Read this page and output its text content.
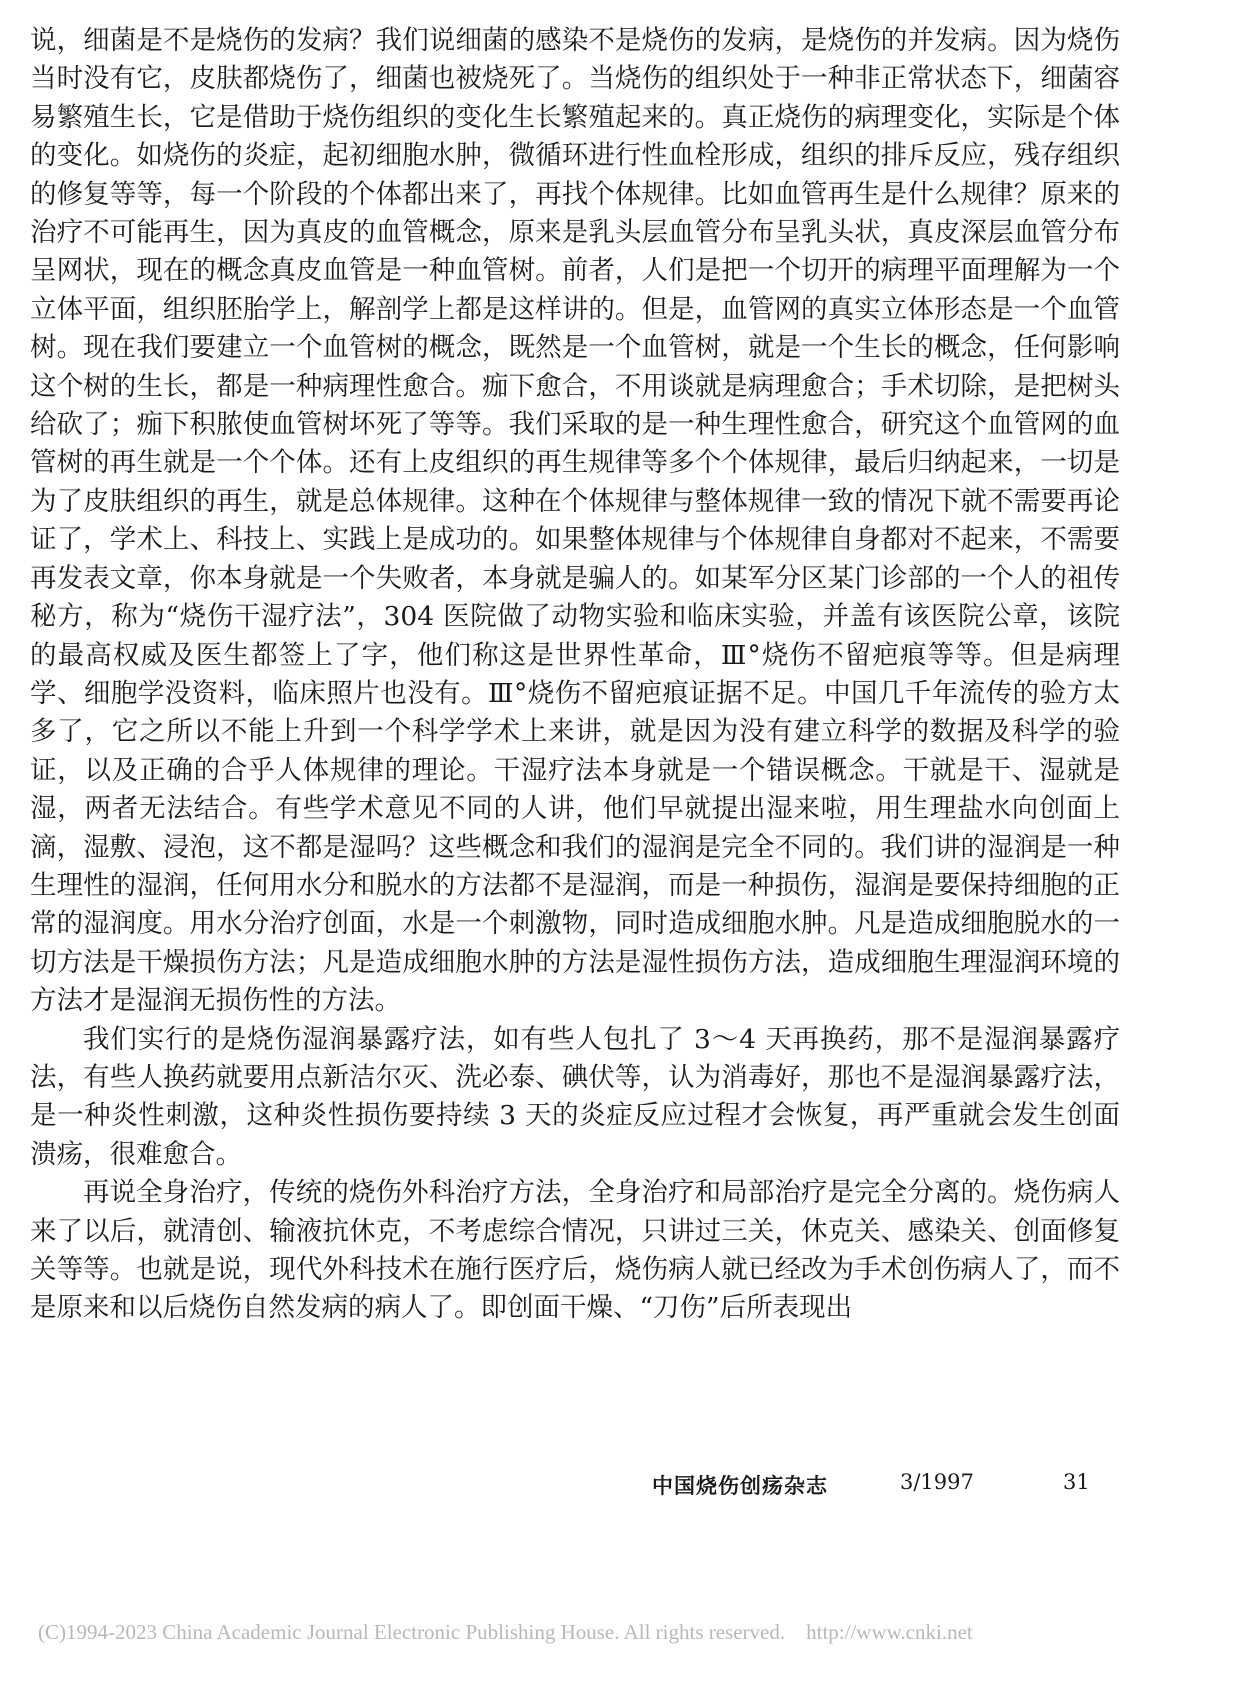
说，细菌是不是烧伤的发病？我们说细菌的感染不是烧伤的发病，是烧伤的并发病。因为烧伤当时没有它，皮肤都烧伤了，细菌也被烧死了。当烧伤的组织处于一种非正常状态下，细菌容易繁殖生长，它是借助于烧伤组织的变化生长繁殖起来的。真正烧伤的病理变化，实际是个体的变化。如烧伤的炎症，起初细胞水肿，微循环进行性血栓形成，组织的排斥反应，残存组织的修复等等，每一个阶段的个体都出来了，再找个体规律。比如血管再生是什么规律？原来的治疗不可能再生，因为真皮的血管概念，原来是乳头层血管分布呈乳头状，真皮深层血管分布呈网状，现在的概念真皮血管是一种血管树。前者，人们是把一个切开的病理平面理解为一个立体平面，组织胚胎学上，解剖学上都是这样讲的。但是，血管网的真实立体形态是一个血管树。现在我们要建立一个血管树的概念，既然是一个血管树，就是一个生长的概念，任何影响这个树的生长，都是一种病理性愈合。痂下愈合，不用谈就是病理愈合；手术切除，是把树头给砍了；痂下积脓使血管树坏死了等等。我们采取的是一种生理性愈合，研究这个血管网的血管树的再生就是一个个体。还有上皮组织的再生规律等多个个体规律，最后归纳起来，一切是为了皮肤组织的再生，就是总体规律。这种在个体规律与整体规律一致的情况下就不需要再论证了，学术上、科技上、实践上是成功的。如果整体规律与个体规律自身都对不起来，不需要再发表文章，你本身就是一个失败者，本身就是骗人的。如某军分区某门诊部的一个人的祖传秘方，称为“烧伤干湿疗法”，304 医院做了动物实验和临床实验，并盖有该医院公章，该院的最高权威及医生都签上了字，他们称这是世界性革命，Ⅲ°烧伤不留疤痕等等。但是病理学、细胞学没资料，临床照片也没有。Ⅲ°烧伤不留疤痕证据不足。中国几千年流传的验方太多了，它之所以不能上升到一个科学学术上来讲，就是因为没有建立科学的数据及科学的验证，以及正确的合乎人体规律的理论。干湿疗法本身就是一个错误概念。干就是干、湿就是湿，两者无法结合。有些学术意见不同的人讲，他们早就提出湿来啦，用生理盐水向创面上滴，湿敷、浸泡，这不都是湿吗？这些概念和我们的湿润是完全不同的。我们讲的湿润是一种生理性的湿润，任何用水分和脱水的方法都不是湿润，而是一种损伤，湿润是要保持细胞的正常的湿润度。用水分治疗创面，水是一个刺激物，同时造成细胞水肿。凡是造成细胞脱水的一切方法是干燥损伤方法；凡是造成细胞水肿的方法是湿性损伤方法，造成细胞生理湿润环境的方法才是湿润无损伤性的方法。

我们实行的是烧伤湿润暴露疗法，如有些人包扎了 3～4 天再换药，那不是湿润暴露疗法，有些人换药就要用点新洁尔灭、洗必泰、碘伏等，认为消毒好，那也不是湿润暴露疗法，是一种炎性刺激，这种炎性损伤要持续 3 天的炎症反应过程才会恢复，再严重就会发生创面溃疡，很难愈合。

再说全身治疗，传统的烧伤外科治疗方法，全身治疗和局部治疗是完全分离的。烧伤病人来了以后，就清创、输液抗休克，不考虑综合情况，只讲过三关，休克关、感染关、创面修复关等等。也就是说，现代外科技术在施行医疗后，烧伤病人就已经改为手术创伤病人了，而不是原来和以后烧伤自然发病的病人了。即创面干燥、“刀伤”后所表现出

中国烧伤创疡杂志	3/1997	31
(C)1994-2023 China Academic Journal Electronic Publishing House. All rights reserved. http://www.cnki.net
